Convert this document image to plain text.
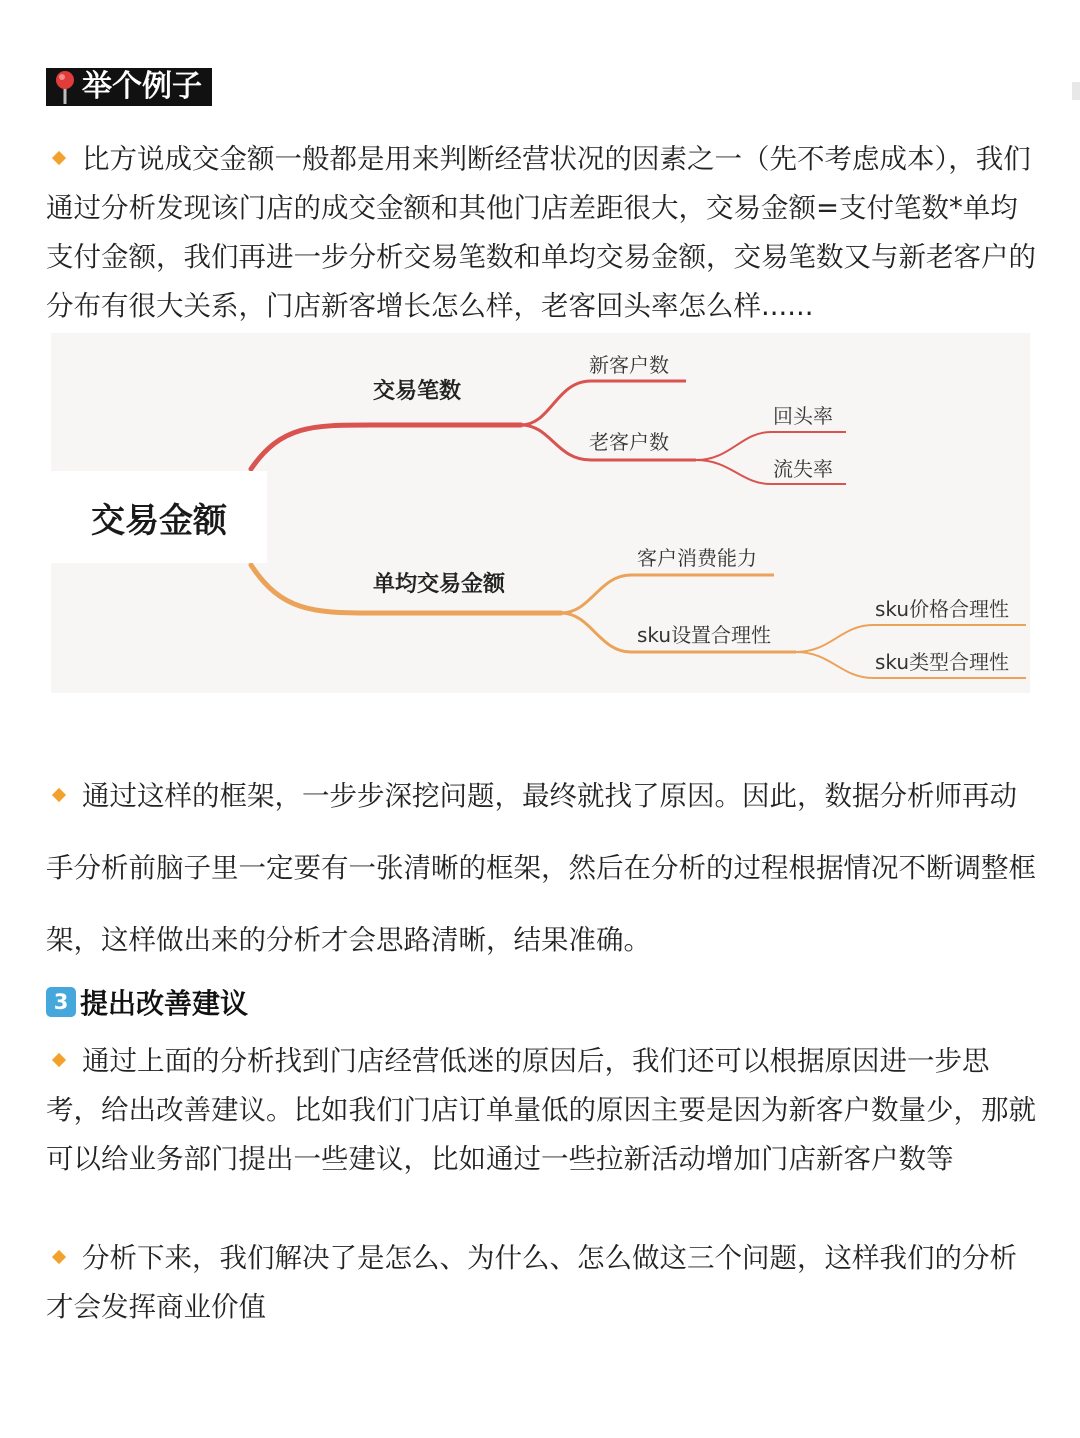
举个例子

比方说成交金额一般都是用来判断经营状况的因素之一（先不考虑成本），我们通过分析发现该门店的成交金额和其他门店差距很大，交易金额=支付笔数*单均支付金额，我们再进一步分析交易笔数和单均交易金额，交易笔数又与新老客户的分布有很大关系，门店新客增长怎么样，老客回头率怎么样......

交易金额
交易笔数
新客户数
老客户数
回头率
流失率
单均交易金额
客户消费能力
sku设置合理性
sku价格合理性
sku类型合理性

通过这样的框架，一步步深挖问题，最终就找了原因。因此，数据分析师再动手分析前脑子里一定要有一张清晰的框架，然后在分析的过程根据情况不断调整框架，这样做出来的分析才会思路清晰，结果准确。

3 提出改善建议

通过上面的分析找到门店经营低迷的原因后，我们还可以根据原因进一步思考，给出改善建议。比如我们门店订单量低的原因主要是因为新客户数量少，那就可以给业务部门提出一些建议，比如通过一些拉新活动增加门店新客户数等

分析下来，我们解决了是怎么、为什么、怎么做这三个问题，这样我们的分析才会发挥商业价值
